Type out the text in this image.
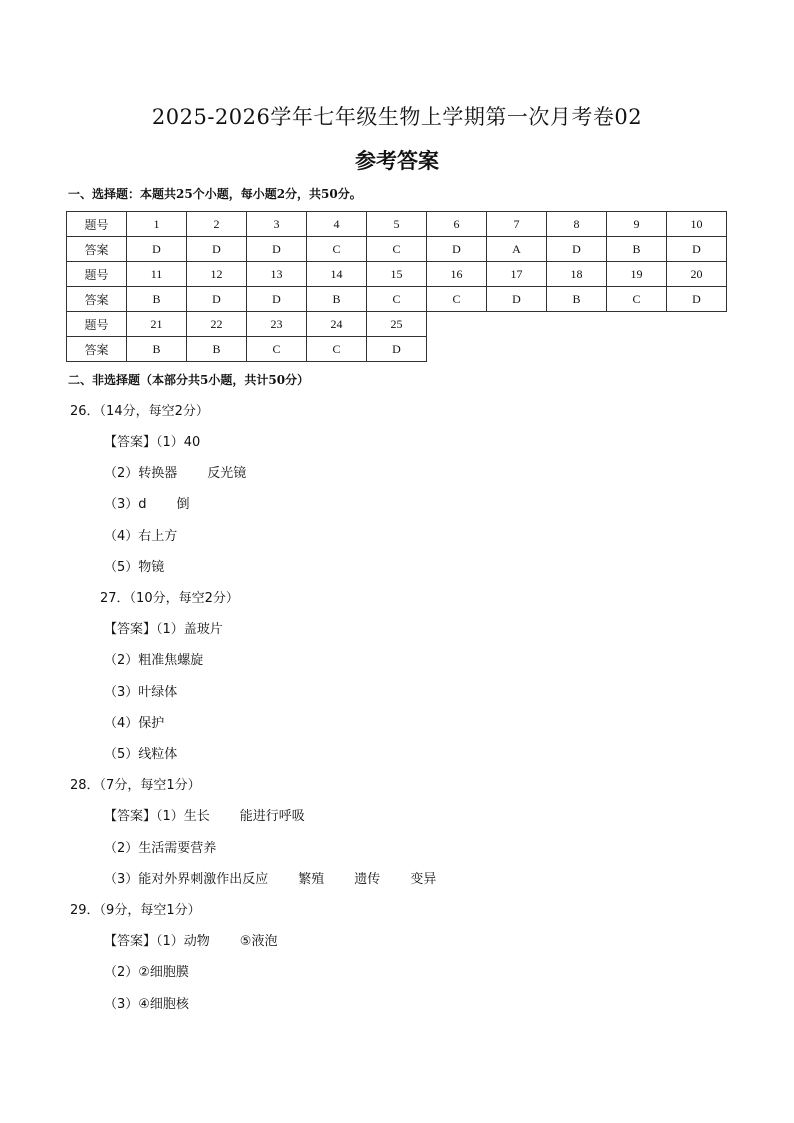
2025-2026学年七年级生物上学期第一次月考卷02
参考答案
一、选择题：本题共25个小题，每小题2分，共50分。
题号	1	2	3	4	5	6	7	8	9	10
答案	D	D	D	C	C	D	A	D	B	D
题号	11	12	13	14	15	16	17	18	19	20
答案	B	D	D	B	C	C	D	B	C	D
题号	21	22	23	24	25					
答案	B	B	C	C	D					
二、非选择题（本部分共5小题，共计50分）
26．（14分，每空2分）
【答案】（1）40
（2）转换器 反光镜
（3）d 倒
（4）右上方
（5）物镜
27．（10分，每空2分）
【答案】（1）盖玻片
（2）粗准焦螺旋
（3）叶绿体
（4）保护
（5）线粒体
28．（7分，每空1分）
【答案】（1）生长 能进行呼吸
（2）生活需要营养
（3）能对外界刺激作出反应 繁殖 遗传 变异
29．（9分，每空1分）
【答案】（1）动物 ⑤液泡
（2）②细胞膜
（3）④细胞核
